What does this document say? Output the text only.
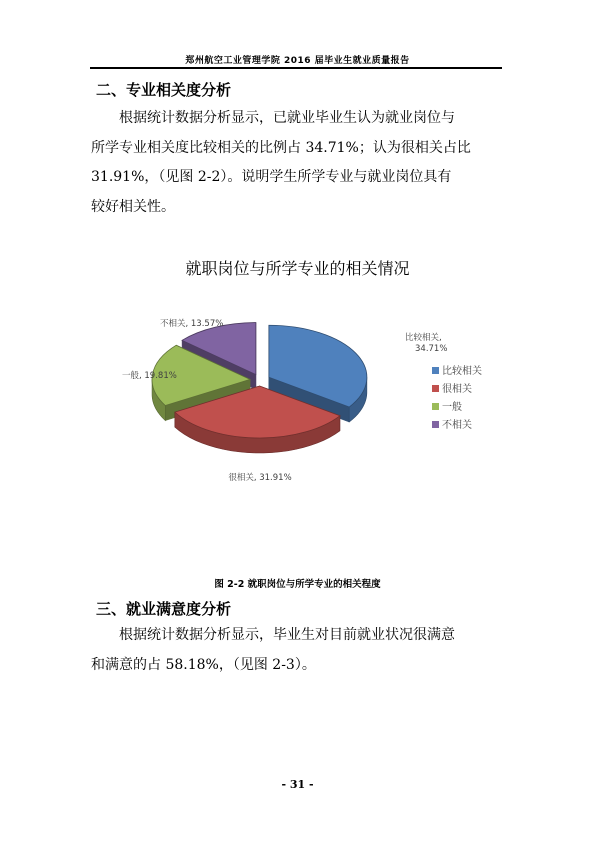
郑州航空工业管理学院 2016 届毕业生就业质量报告
二、专业相关度分析
　　根据统计数据分析显示，已就业毕业生认为就业岗位与
所学专业相关度比较相关的比例占 34.71%；认为很相关占比
31.91%，（见图 2-2）。说明学生所学专业与就业岗位具有
较好相关性。
就职岗位与所学专业的相关情况
比较相关, 34.71%
很相关, 31.91%
一般, 19.81%
不相关, 13.57%
比较相关
很相关
一般
不相关
图 2-2 就职岗位与所学专业的相关程度
三、就业满意度分析
　　根据统计数据分析显示，毕业生对目前就业状况很满意
和满意的占 58.18%，（见图 2-3）。
- 31 -
